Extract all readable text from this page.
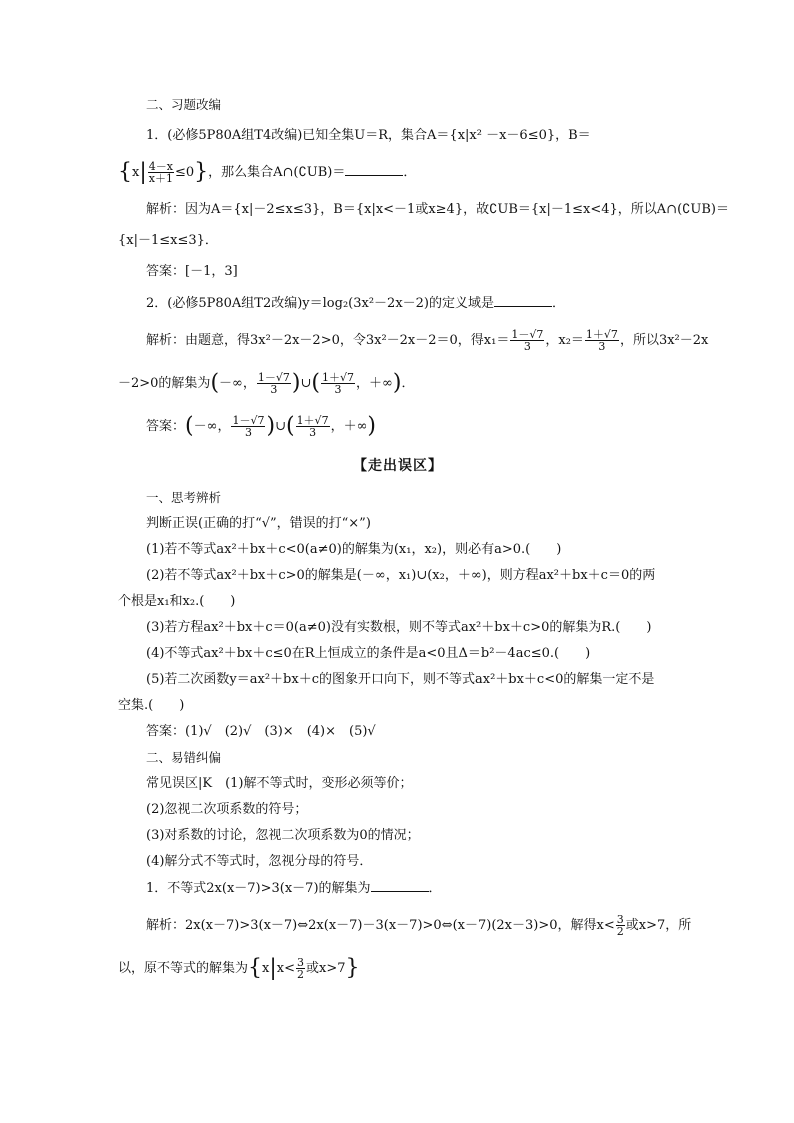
二、习题改编
1．(必修5P80A组T4改编)已知全集U＝R，集合A＝{x|x² －x－6≤0}，B＝
$\{x| \frac{4-x}{x+1} \le 0\}$，那么集合A∩(∁UB)＝	．
解析：因为A＝{x|－2≤x≤3}，B＝{x|x<－1或x≥4}，故∁UB＝{x|－1≤x<4}，所以A∩(∁UB)＝
{x|－1≤x≤3}．
答案：[－1，3]
2．(必修5P80A组T2改编)y＝log₂(3x²－2x－2)的定义域是	．
解析：由题意，得3x²－2x－2>0，令3x²－2x－2＝0，得$x_1= \frac{1-√7}{3}$ ，$x_2= \frac{1+√7}{3}$ ，所以3x²－2x
－2>0的解集为(－∞， $\frac{1-√7}{3}$ )∪( $\frac{1+√7}{3}$ ，＋∞)．
答案：(－∞， $\frac{1-√7}{3}$ )∪( $\frac{1+√7}{3}$ ，＋∞)
【走出误区】
一、思考辨析
判断正误(正确的打“√”，错误的打“×”)
(1)若不等式ax²＋bx＋c<0(a≠0)的解集为(x₁，x₂)，则必有a>0.(　　)
(2)若不等式ax²＋bx＋c>0的解集是(－∞，x₁)∪(x₂，＋∞)，则方程ax²＋bx＋c＝0的两
个根是x₁和x₂.(　　)
(3)若方程ax²＋bx＋c＝0(a≠0)没有实数根，则不等式ax²＋bx＋c>0的解集为R.(　　)
(4)不等式ax²＋bx＋c≤0在R上恒成立的条件是a<0且Δ＝b²－4ac≤0.(　　)
(5)若二次函数y＝ax²＋bx＋c的图象开口向下，则不等式ax²＋bx＋c<0的解集一定不是
空集.(　　)
答案：(1)√　(2)√　(3)×　(4)×　(5)√
二、易错纠偏
常见误区|K　(1)解不等式时，变形必须等价；
(2)忽视二次项系数的符号；
(3)对系数的讨论，忽视二次项系数为0的情况；
(4)解分式不等式时，忽视分母的符号．
1．不等式2x(x－7)>3(x－7)的解集为	．
解析：2x(x－7)>3(x－7)⇔2x(x－7)－3(x－7)>0⇔(x－7)(2x－3)>0，解得$x< \frac{3}{2}$ 或x>7，所
以，原不等式的解集为{$x|x< \frac{3}{2}$ 或x>7}
